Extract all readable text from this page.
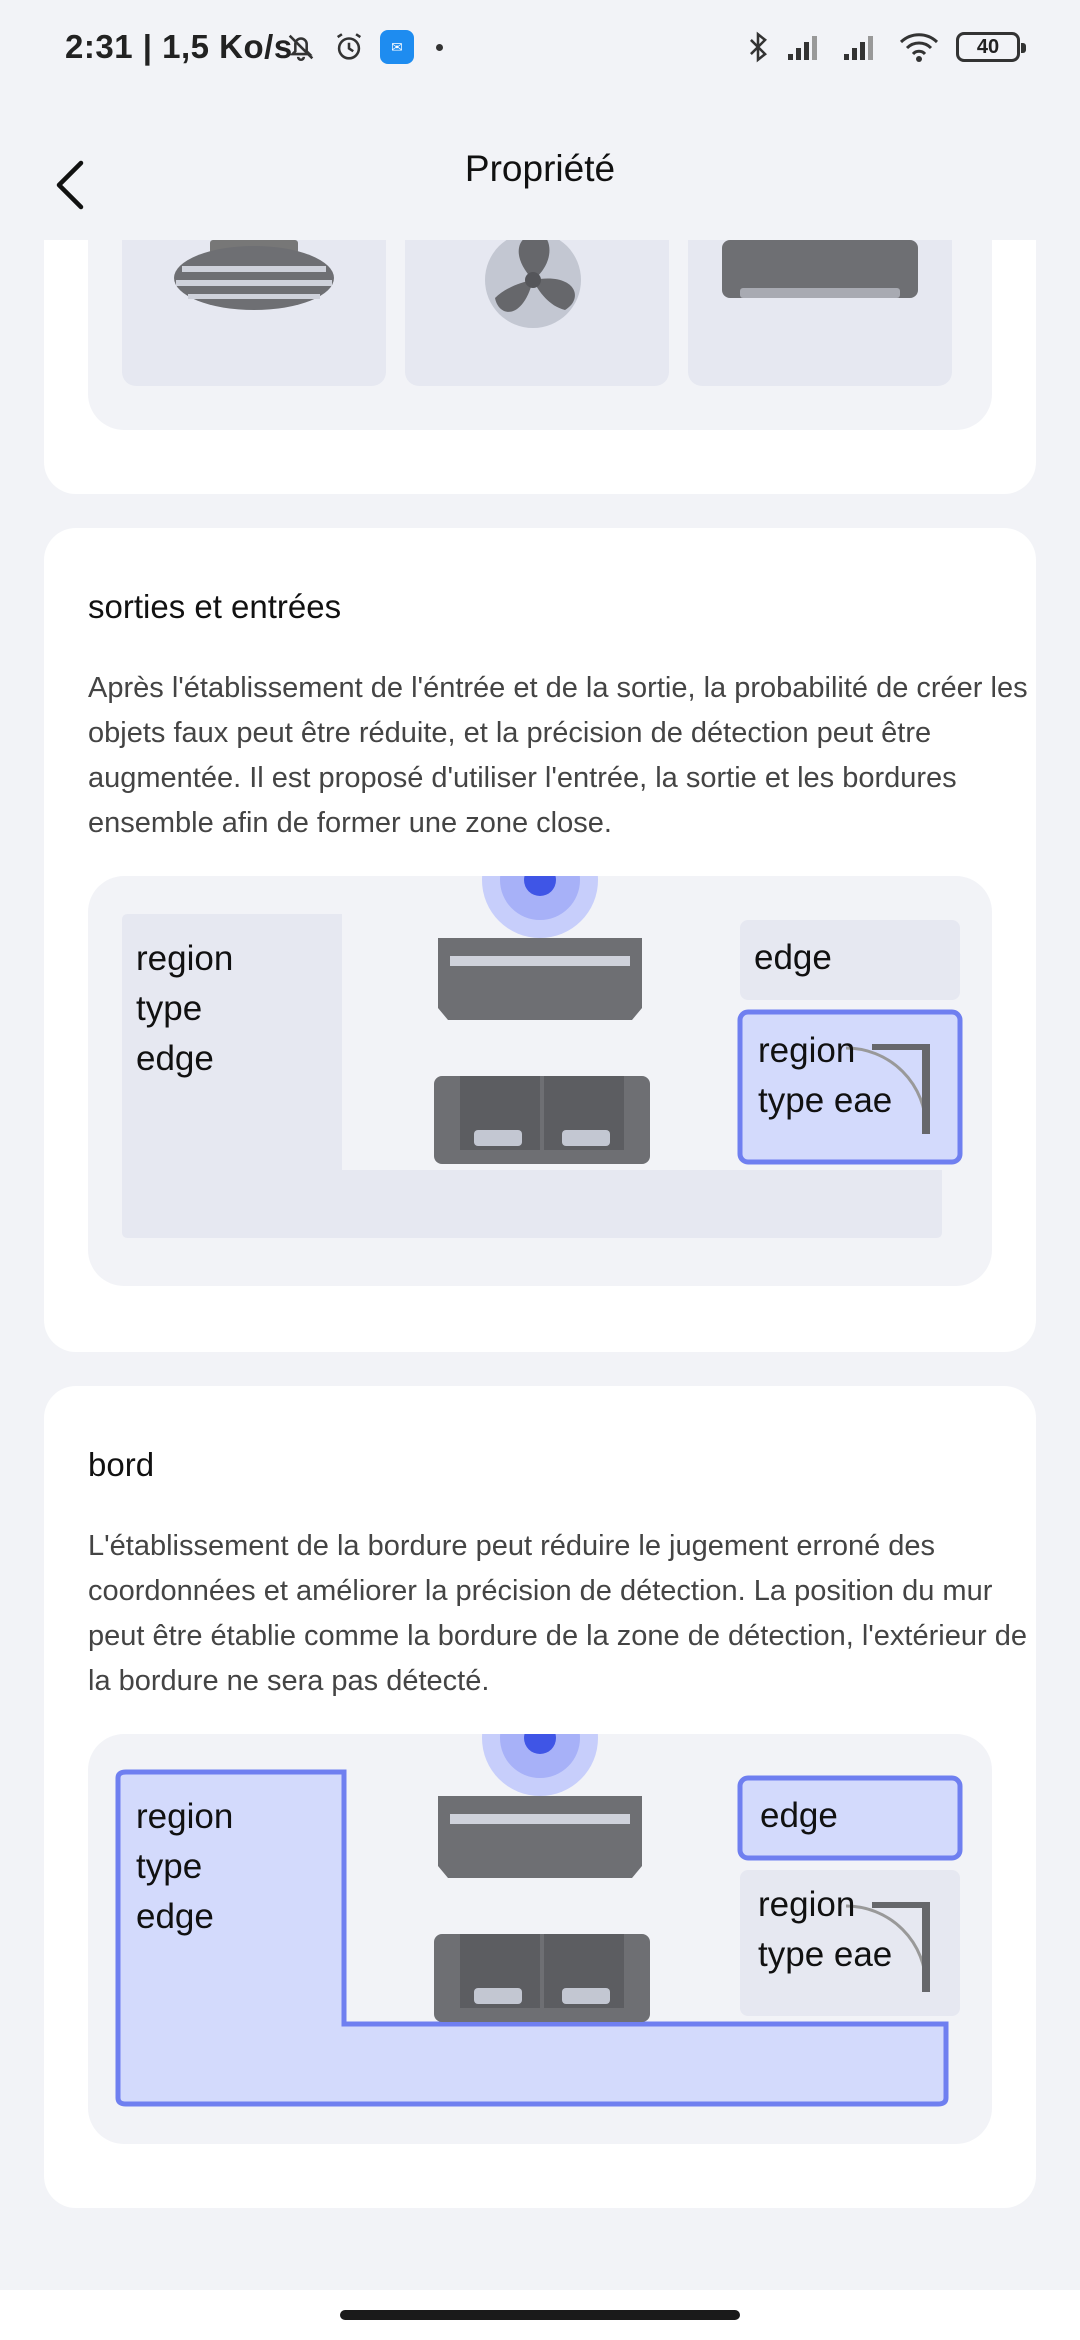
2:31 | 1,5 Ko/s	✉	40
Propriété
sorties et entrées
Après l'établissement de l'éntrée et de la sortie, la probabilité de créer les objets faux peut être réduite, et la précision de détection peut être augmentée. Il est proposé d'utiliser l'entrée, la sortie et les bordures ensemble afin de former une zone close.
region
type
edge
edge
region
type eae
bord
L'établissement de la bordure peut réduire le jugement erroné des coordonnées et améliorer la précision de détection. La position du mur peut être établie comme la bordure de la zone de détection, l'extérieur de la bordure ne sera pas détecté.
region
type
edge
edge
region
type eae
